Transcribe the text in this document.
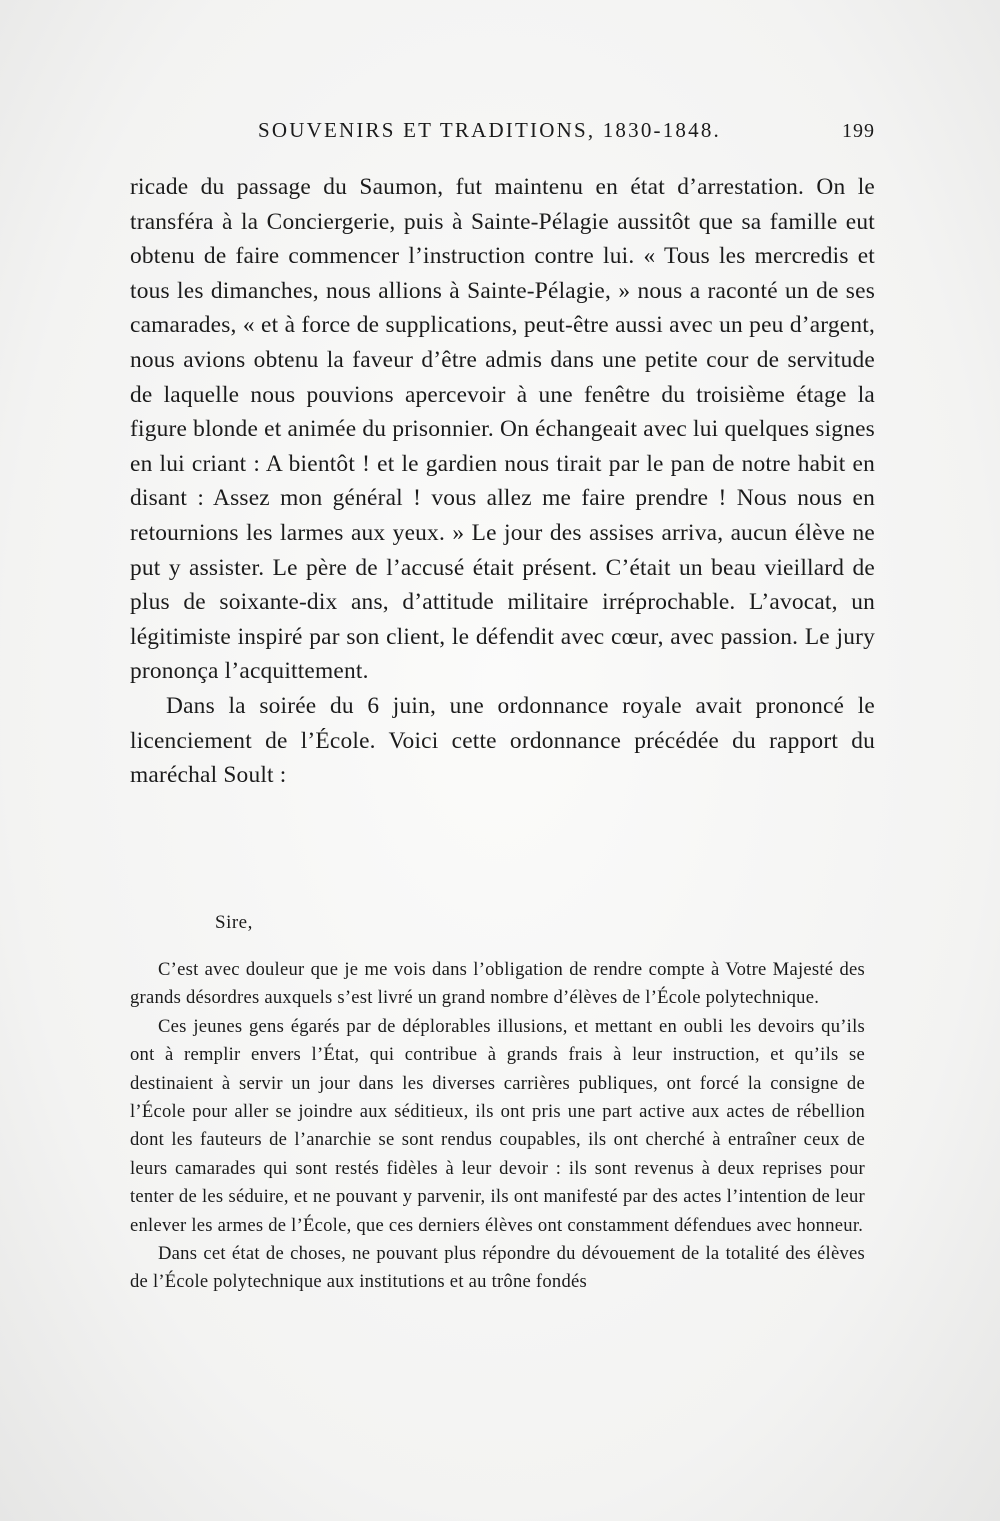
SOUVENIRS ET TRADITIONS, 1830-1848.	199

ricade du passage du Saumon, fut maintenu en état d’arrestation. On le transféra à la Conciergerie, puis à Sainte-Pélagie aussitôt que sa famille eut obtenu de faire commencer l’instruction contre lui. « Tous les mercredis et tous les dimanches, nous allions à Sainte-Pélagie, » nous a raconté un de ses camarades, « et à force de supplications, peut-être aussi avec un peu d’argent, nous avions obtenu la faveur d’être admis dans une petite cour de servitude de laquelle nous pouvions apercevoir à une fenêtre du troisième étage la figure blonde et animée du prisonnier. On échangeait avec lui quelques signes en lui criant : A bientôt ! et le gardien nous tirait par le pan de notre habit en disant : Assez mon général ! vous allez me faire prendre ! Nous nous en retournions les larmes aux yeux. » Le jour des assises arriva, aucun élève ne put y assister. Le père de l’accusé était présent. C’était un beau vieillard de plus de soixante-dix ans, d’attitude militaire irréprochable. L’avocat, un légitimiste inspiré par son client, le défendit avec cœur, avec passion. Le jury prononça l’acquittement.

Dans la soirée du 6 juin, une ordonnance royale avait prononcé le licenciement de l’École. Voici cette ordonnance précédée du rapport du maréchal Soult :

Sire,

C’est avec douleur que je me vois dans l’obligation de rendre compte à Votre Majesté des grands désordres auxquels s’est livré un grand nombre d’élèves de l’École polytechnique.

Ces jeunes gens égarés par de déplorables illusions, et mettant en oubli les devoirs qu’ils ont à remplir envers l’État, qui contribue à grands frais à leur instruction, et qu’ils se destinaient à servir un jour dans les diverses carrières publiques, ont forcé la consigne de l’École pour aller se joindre aux séditieux, ils ont pris une part active aux actes de rébellion dont les fauteurs de l’anarchie se sont rendus coupables, ils ont cherché à entraîner ceux de leurs camarades qui sont restés fidèles à leur devoir : ils sont revenus à deux reprises pour tenter de les séduire, et ne pouvant y parvenir, ils ont manifesté par des actes l’intention de leur enlever les armes de l’École, que ces derniers élèves ont constamment défendues avec honneur.

Dans cet état de choses, ne pouvant plus répondre du dévouement de la totalité des élèves de l’École polytechnique aux institutions et au trône fondés
